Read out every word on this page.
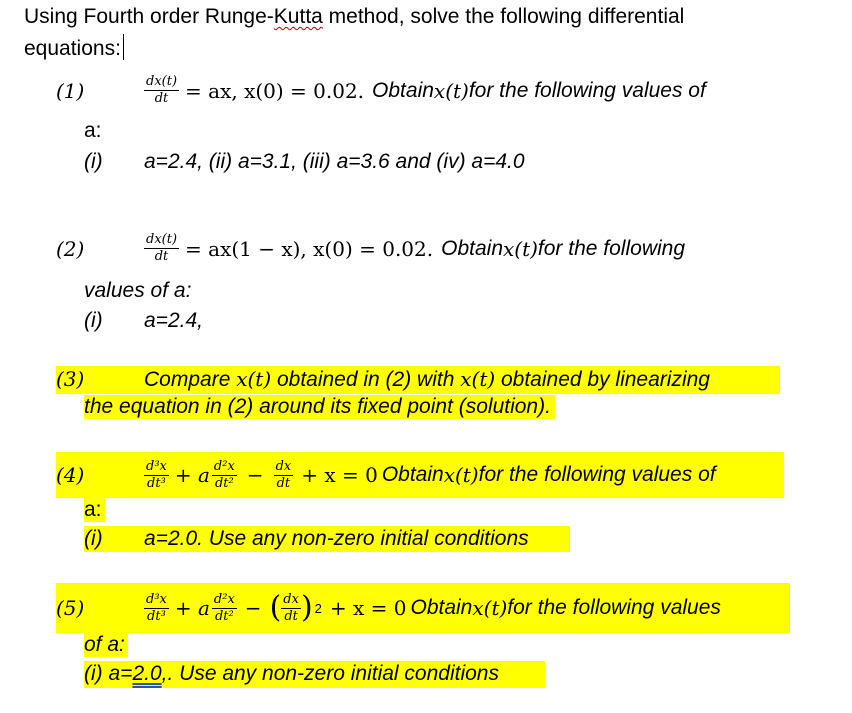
Using Fourth order Runge-Kutta method, solve the following differential
equations:
(1)	$\frac{dx(t)}{dt}$ = ax, x(0) = 0.02. Obtain x(t) for the following values of
a:
(i) a=2.4, (ii) a=3.1, (iii) a=3.6 and (iv) a=4.0
(2)	$\frac{dx(t)}{dt} = ax(1 - x)$, x(0) = 0.02. Obtain x(t) for the following
values of a:
(i) a=2.4,
(3)	Compare x(t) obtained in (2) with x(t) obtained by linearizing
the equation in (2) around its fixed point (solution).
(4)	$\frac{\text{d³x}}{\text{dt³}} + a \frac{\text{d²x}}{\text{dt²}} - \frac{dx}{dt} + x = 0$ Obtain x(t) for the following values of
a:
(i) a=2.0. Use any non-zero initial conditions
(5)	$\frac{\text{d³x}}{\text{dt³}} + a \frac{\text{d²x}}{\text{dt²}}$ − ( $\frac{dx}{dt}$ ) 2 + x = 0 Obtain x(t) for the following values
of a:
(i) a=2.0,. Use any non-zero initial conditions
